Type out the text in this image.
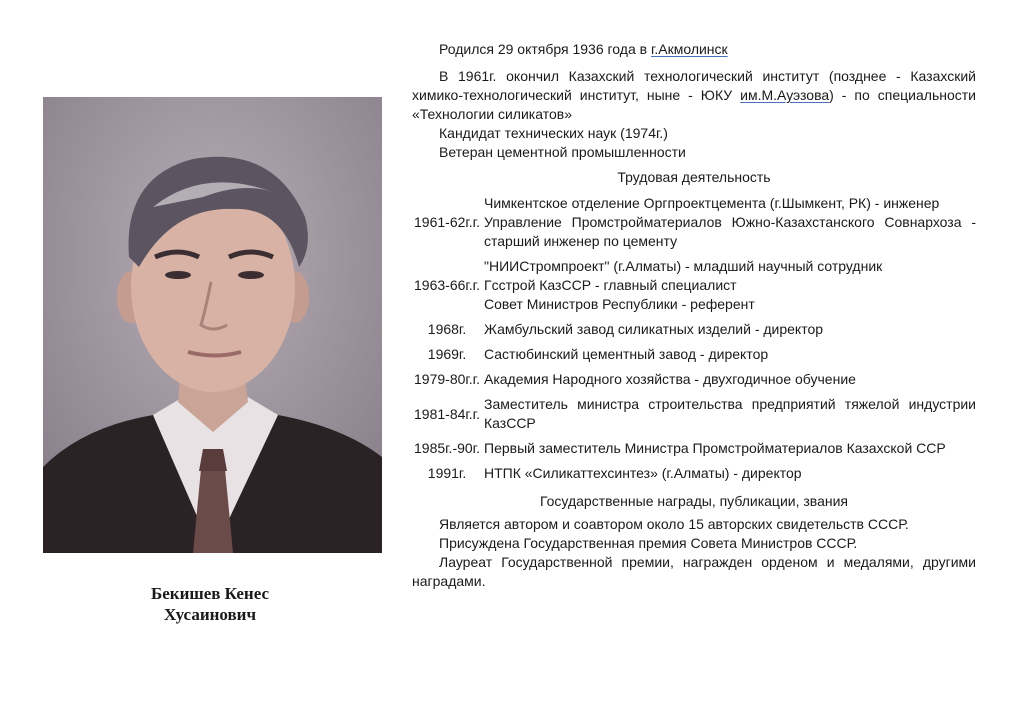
Бекишев Кенес
Хусаинович

Родился 29 октября 1936 года в г.Акмолинск

В 1961г. окончил Казахский технологический институт (позднее - Казахский химико-технологический институт, ныне - ЮКУ им.М.Ауэзова) - по специальности «Технологии силикатов»

Кандидат технических наук (1974г.)

Ветеран цементной промышленности

Трудовая деятельность
1961-62г.г.	Чимкентское отделение Оргпроектцемента (г.Шымкент, РК) - инженер
Управление Промстройматериалов Южно-Казахстанского Совнархоза - старший инженер по цементу

1963-66г.г.	"НИИСтромпроект" (г.Алматы) - младший научный сотрудник
Гсстрой КазССР - главный специалист
Совет Министров Республики - референт

1968г.	Жамбульский завод силикатных изделий - директор

1969г.	Састюбинский цементный завод - директор

1979-80г.г.	Академия Народного хозяйства - двухгодичное обучение

1981-84г.г.	Заместитель министра строительства предприятий тяжелой индустрии КазССР

1985г.-90г.	Первый заместитель Министра Промстройматериалов Казахской ССР

1991г.	НТПК «Силикаттехсинтез» (г.Алматы) - директор
Государственные награды, публикации, звания

Является автором и соавтором около 15 авторских свидетельств СССР.

Присуждена Государственная премия Совета Министров СССР.

Лауреат Государственной премии, награжден орденом и медалями, другими наградами.
